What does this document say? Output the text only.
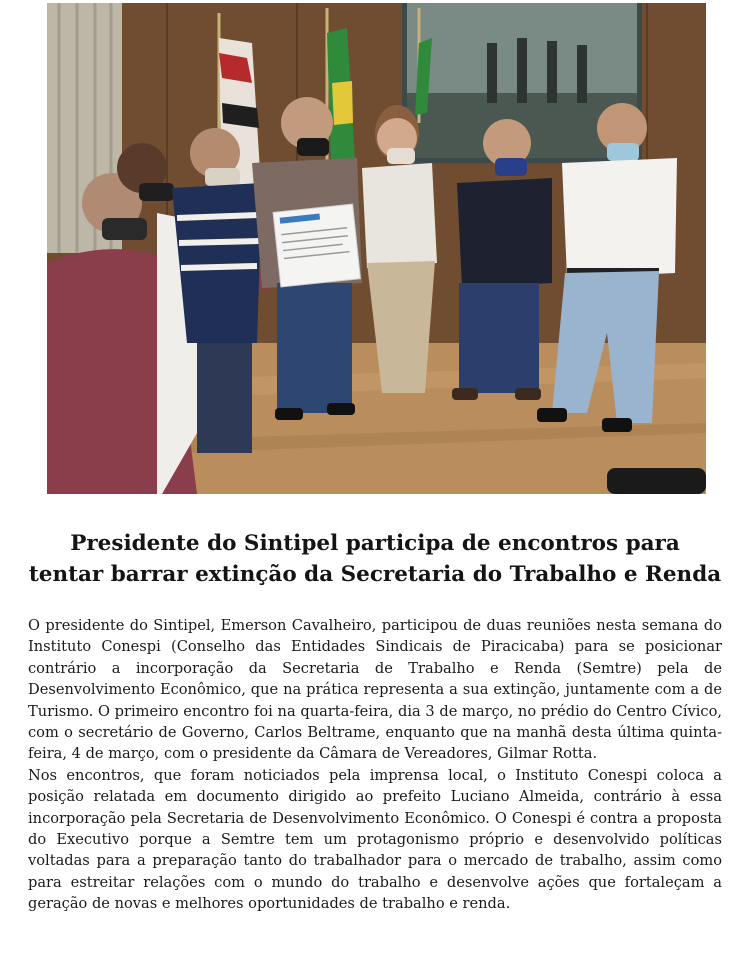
Presidente do Sintipel participa de encontros para
tentar barrar extinção da Secretaria do Trabalho e Renda

O presidente do Sintipel, Emerson Cavalheiro, participou de duas reuniões nesta semana do Instituto Conespi (Conselho das Entidades Sindicais de Piracicaba) para se posicionar contrário a incorporação da Secretaria de Trabalho e Renda (Semtre) pela de Desenvolvimento Econômico, que na prática representa a sua extinção, juntamente com a de Turismo. O primeiro encontro foi na quarta-feira, dia 3 de março, no prédio do Centro Cívico, com o secretário de Governo, Carlos Beltrame, enquanto que na manhã desta última quinta-feira, 4 de março, com o presidente da Câmara de Vereadores, Gilmar Rotta.

Nos encontros, que foram noticiados pela imprensa local, o Instituto Conespi coloca a posição relatada em documento dirigido ao prefeito Luciano Almeida, contrário à essa incorporação pela Secretaria de Desenvolvimento Econômico. O Conespi é contra a proposta do Executivo porque a Semtre tem um protagonismo próprio e desenvolvido políticas voltadas para a preparação tanto do trabalhador para o mercado de trabalho, assim como para estreitar relações com o mundo do trabalho e desenvolve ações que fortaleçam a geração de novas e melhores oportunidades de trabalho e renda.
